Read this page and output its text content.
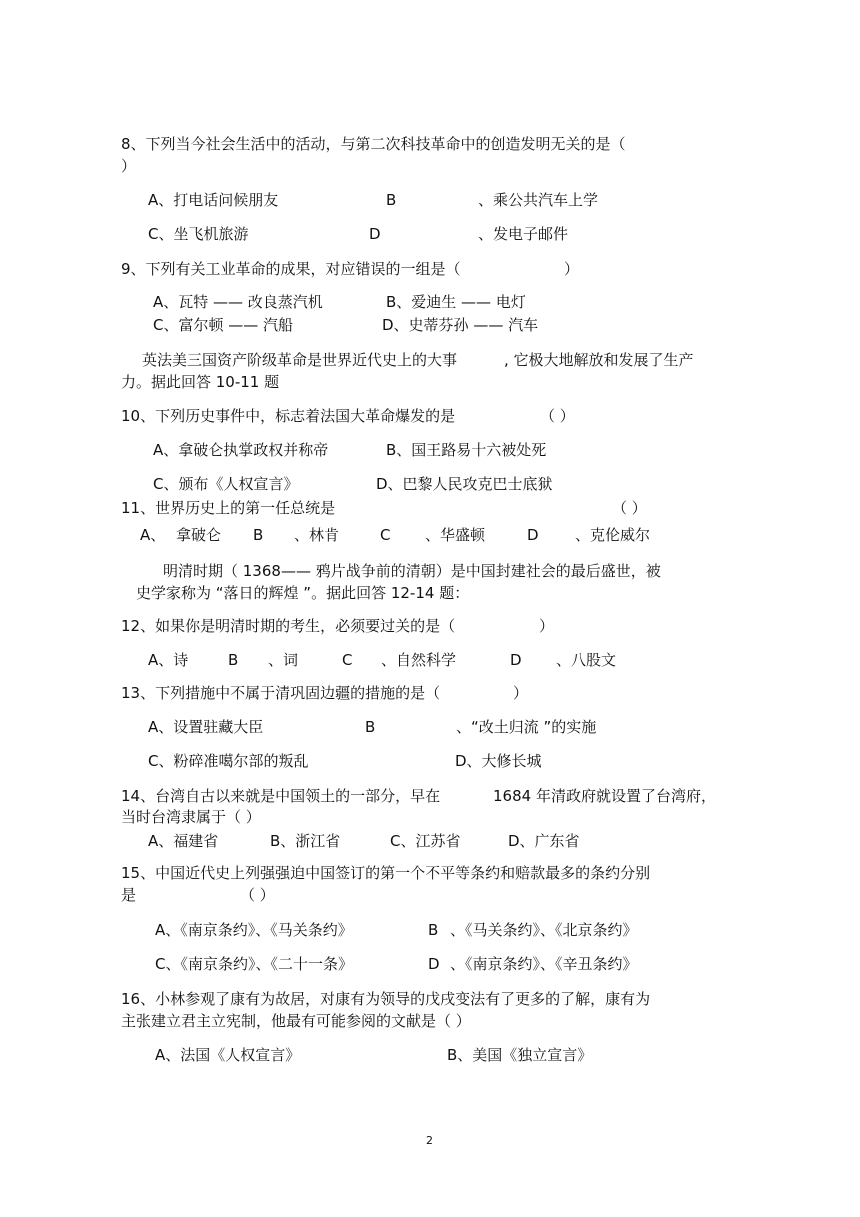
8、下列当今社会生活中的活动，与第二次科技革命中的创造发明无关的是（
）
A、打电话问候朋友	B	、乘公共汽车上学
C、坐飞机旅游	D	、发电子邮件
9、下列有关工业革命的成果，对应错误的一组是（	）
A、瓦特 —— 改良蒸汽机	B、爱迪生 —— 电灯
C、富尔顿 —— 汽船	D、史蒂芬孙 —— 汽车
英法美三国资产阶级革命是世界近代史上的大事	, 它极大地解放和发展了生产
力。据此回答 10-11 题
10、下列历史事件中，标志着法国大革命爆发的是	（ ）
A、拿破仑执掌政权并称帝	B、国王路易十六被处死
C、颁布《人权宣言》	D、巴黎人民攻克巴士底狱
11、世界历史上的第一任总统是	（ ）
A、 拿破仑 B 、林肯	C 、华盛顿	D 、克伦威尔
明清时期（ 1368—— 鸦片战争前的清朝）是中国封建社会的最后盛世，被
史学家称为 “落日的辉煌 ”。据此回答 12-14 题：
12、如果你是明清时期的考生，必须要过关的是（	）
A、诗	B 、词	C 、自然科学	D 、八股文
13、下列措施中不属于清巩固边疆的措施的是（	）
A、设置驻藏大臣	B	、“改土归流 ”的实施
C、粉碎准噶尔部的叛乱	D、大修长城
14、台湾自古以来就是中国领土的一部分，早在	1684 年清政府就设置了台湾府，
当时台湾隶属于（ ）
A、福建省	B、浙江省	C、江苏省	D、广东省
15、中国近代史上列强强迫中国签订的第一个不平等条约和赔款最多的条约分别
是	（ ）
A、《南京条约》、《马关条约》	B 、《马关条约》、《北京条约》
C、《南京条约》、《二十一条》	D 、《南京条约》、《辛丑条约》
16、小林参观了康有为故居，对康有为领导的戊戌变法有了更多的了解，康有为
主张建立君主立宪制，他最有可能参阅的文献是（ ）
A、法国《人权宣言》	B、美国《独立宣言》
2
